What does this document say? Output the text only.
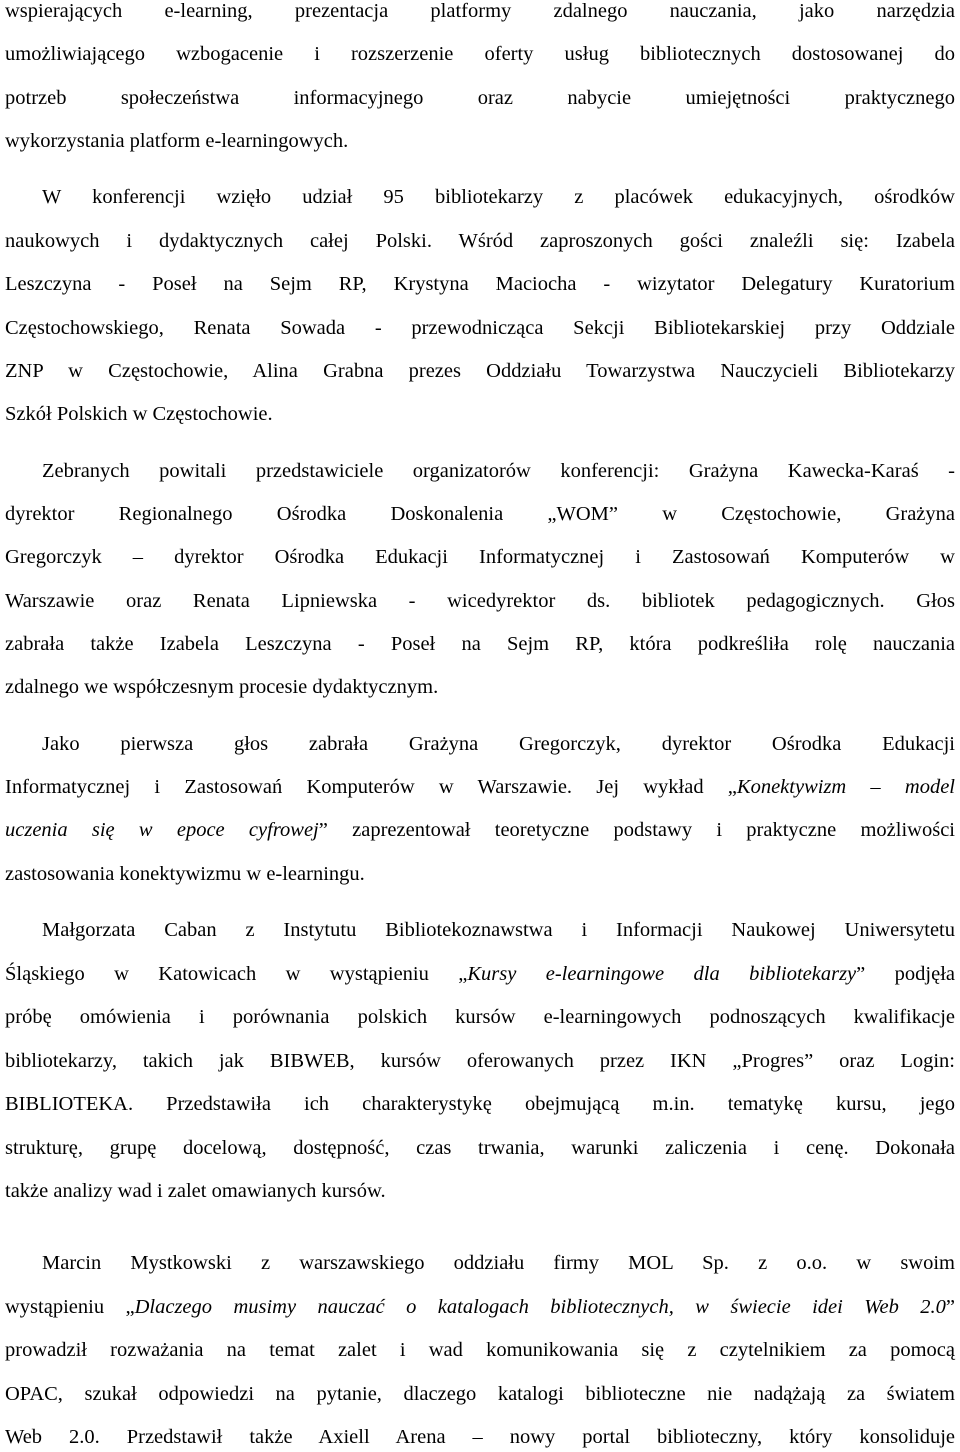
wspierających e-learning, prezentacja platformy zdalnego nauczania, jako narzędzia
umożliwiającego wzbogacenie i rozszerzenie oferty usług bibliotecznych dostosowanej do
potrzeb społeczeństwa informacyjnego oraz nabycie umiejętności praktycznego
wykorzystania platform e-learningowych.
W konferencji wzięło udział 95 bibliotekarzy z placówek edukacyjnych, ośrodków
naukowych i dydaktycznych całej Polski. Wśród zaproszonych gości znaleźli się: Izabela
Leszczyna - Poseł na Sejm RP, Krystyna Maciocha - wizytator Delegatury Kuratorium
Częstochowskiego, Renata Sowada - przewodnicząca Sekcji Bibliotekarskiej przy Oddziale
ZNP w Częstochowie, Alina Grabna prezes Oddziału Towarzystwa Nauczycieli Bibliotekarzy
Szkół Polskich w Częstochowie.
Zebranych powitali przedstawiciele organizatorów konferencji: Grażyna Kawecka-Karaś -
dyrektor Regionalnego Ośrodka Doskonalenia „WOM” w Częstochowie, Grażyna
Gregorczyk – dyrektor Ośrodka Edukacji Informatycznej i Zastosowań Komputerów w
Warszawie oraz Renata Lipniewska - wicedyrektor ds. bibliotek pedagogicznych. Głos
zabrała także Izabela Leszczyna - Poseł na Sejm RP, która podkreśliła rolę nauczania
zdalnego we współczesnym procesie dydaktycznym.
Jako pierwsza głos zabrała Grażyna Gregorczyk, dyrektor Ośrodka Edukacji
Informatycznej i Zastosowań Komputerów w Warszawie. Jej wykład „Konektywizm – model
uczenia się w epoce cyfrowej” zaprezentował teoretyczne podstawy i praktyczne możliwości
zastosowania konektywizmu w e-learningu.
Małgorzata Caban z Instytutu Bibliotekoznawstwa i Informacji Naukowej Uniwersytetu
Śląskiego w Katowicach w wystąpieniu „Kursy e-learningowe dla bibliotekarzy” podjęła
próbę omówienia i porównania polskich kursów e-learningowych podnoszących kwalifikacje
bibliotekarzy, takich jak BIBWEB, kursów oferowanych przez IKN „Progres” oraz Login:
BIBLIOTEKA. Przedstawiła ich charakterystykę obejmującą m.in. tematykę kursu, jego
strukturę, grupę docelową, dostępność, czas trwania, warunki zaliczenia i cenę. Dokonała
także analizy wad i zalet omawianych kursów.
Marcin Mystkowski z warszawskiego oddziału firmy MOL Sp. z o.o. w swoim
wystąpieniu „Dlaczego musimy nauczać o katalogach bibliotecznych, w świecie idei Web 2.0”
prowadził rozważania na temat zalet i wad komunikowania się z czytelnikiem za pomocą
OPAC, szukał odpowiedzi na pytanie, dlaczego katalogi biblioteczne nie nadążają za światem
Web 2.0. Przedstawił także Axiell Arena – nowy portal biblioteczny, który konsoliduje
